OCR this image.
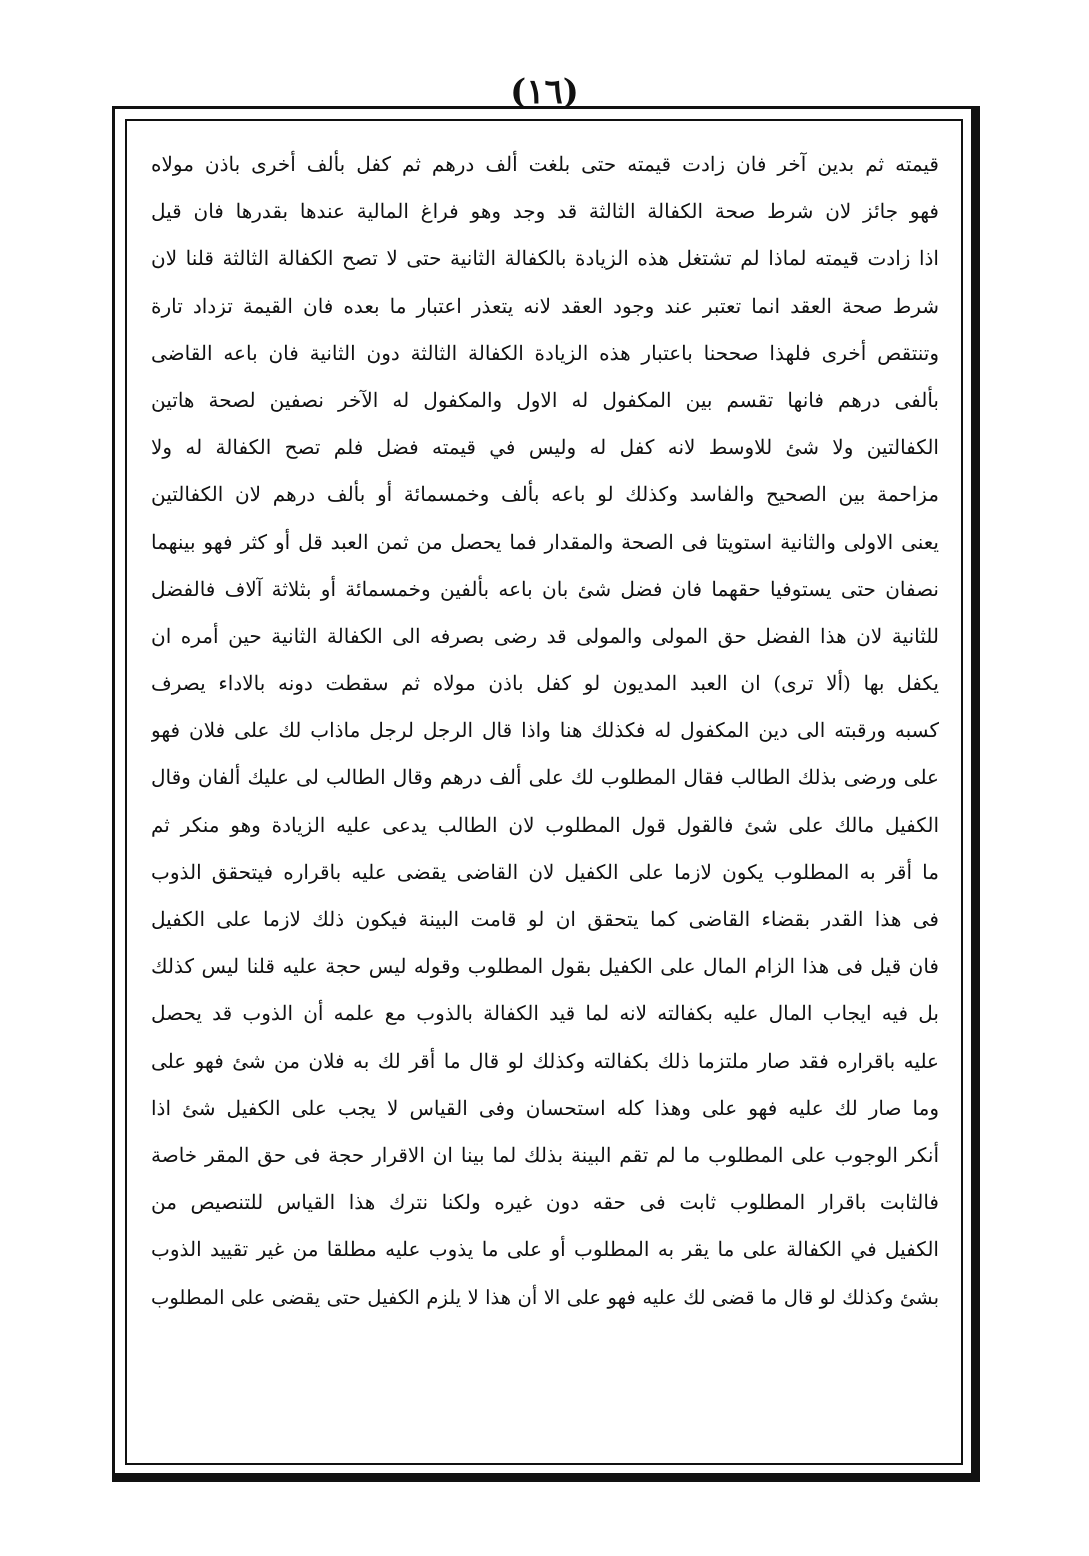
(١٦)
قيمته ثم بدين آخر فان زادت قيمته حتى بلغت ألف درهم ثم كفل بألف أخرى باذن مولاه
فهو جائز لان شرط صحة الكفالة الثالثة قد وجد وهو فراغ المالية عندها بقدرها فان قيل
اذا زادت قيمته لماذا لم تشتغل هذه الزيادة بالكفالة الثانية حتى لا تصح الكفالة الثالثة قلنا لان
شرط صحة العقد انما تعتبر عند وجود العقد لانه يتعذر اعتبار ما بعده فان القيمة تزداد تارة
وتنتقص أخرى فلهذا صححنا باعتبار هذه الزيادة الكفالة الثالثة دون الثانية فان باعه القاضى
بألفى درهم فانها تقسم بين المكفول له الاول والمكفول له الآخر نصفين لصحة هاتين
الكفالتين ولا شئ للاوسط لانه كفل له وليس في قيمته فضل فلم تصح الكفالة له ولا
مزاحمة بين الصحيح والفاسد وكذلك لو باعه بألف وخمسمائة أو بألف درهم لان الكفالتين
يعنى الاولى والثانية استويتا فى الصحة والمقدار فما يحصل من ثمن العبد قل أو كثر فهو بينهما
نصفان حتى يستوفيا حقهما فان فضل شئ بان باعه بألفين وخمسمائة أو بثلاثة آلاف فالفضل
للثانية لان هذا الفضل حق المولى والمولى قد رضى بصرفه الى الكفالة الثانية حين أمره ان
يكفل بها (ألا ترى) ان العبد المديون لو كفل باذن مولاه ثم سقطت دونه بالاداء يصرف
كسبه ورقبته الى دين المكفول له فكذلك هنا واذا قال الرجل لرجل ماذاب لك على فلان فهو
على ورضى بذلك الطالب فقال المطلوب لك على ألف درهم وقال الطالب لى عليك ألفان وقال
الكفيل مالك على شئ فالقول قول المطلوب لان الطالب يدعى عليه الزيادة وهو منكر ثم
ما أقر به المطلوب يكون لازما على الكفيل لان القاضى يقضى عليه باقراره فيتحقق الذوب
فى هذا القدر بقضاء القاضى كما يتحقق ان لو قامت البينة فيكون ذلك لازما على الكفيل
فان قيل فى هذا الزام المال على الكفيل بقول المطلوب وقوله ليس حجة عليه قلنا ليس كذلك
بل فيه ايجاب المال عليه بكفالته لانه لما قيد الكفالة بالذوب مع علمه أن الذوب قد يحصل
عليه باقراره فقد صار ملتزما ذلك بكفالته وكذلك لو قال ما أقر لك به فلان من شئ فهو على
وما صار لك عليه فهو على وهذا كله استحسان وفى القياس لا يجب على الكفيل شئ اذا
أنكر الوجوب على المطلوب ما لم تقم البينة بذلك لما بينا ان الاقرار حجة فى حق المقر خاصة
فالثابت باقرار المطلوب ثابت فى حقه دون غيره ولكنا نترك هذا القياس للتنصيص من
الكفيل في الكفالة على ما يقر به المطلوب أو على ما يذوب عليه مطلقا من غير تقييد الذوب
بشئ وكذلك لو قال ما قضى لك عليه فهو على الا أن هذا لا يلزم الكفيل حتى يقضى على المطلوب
